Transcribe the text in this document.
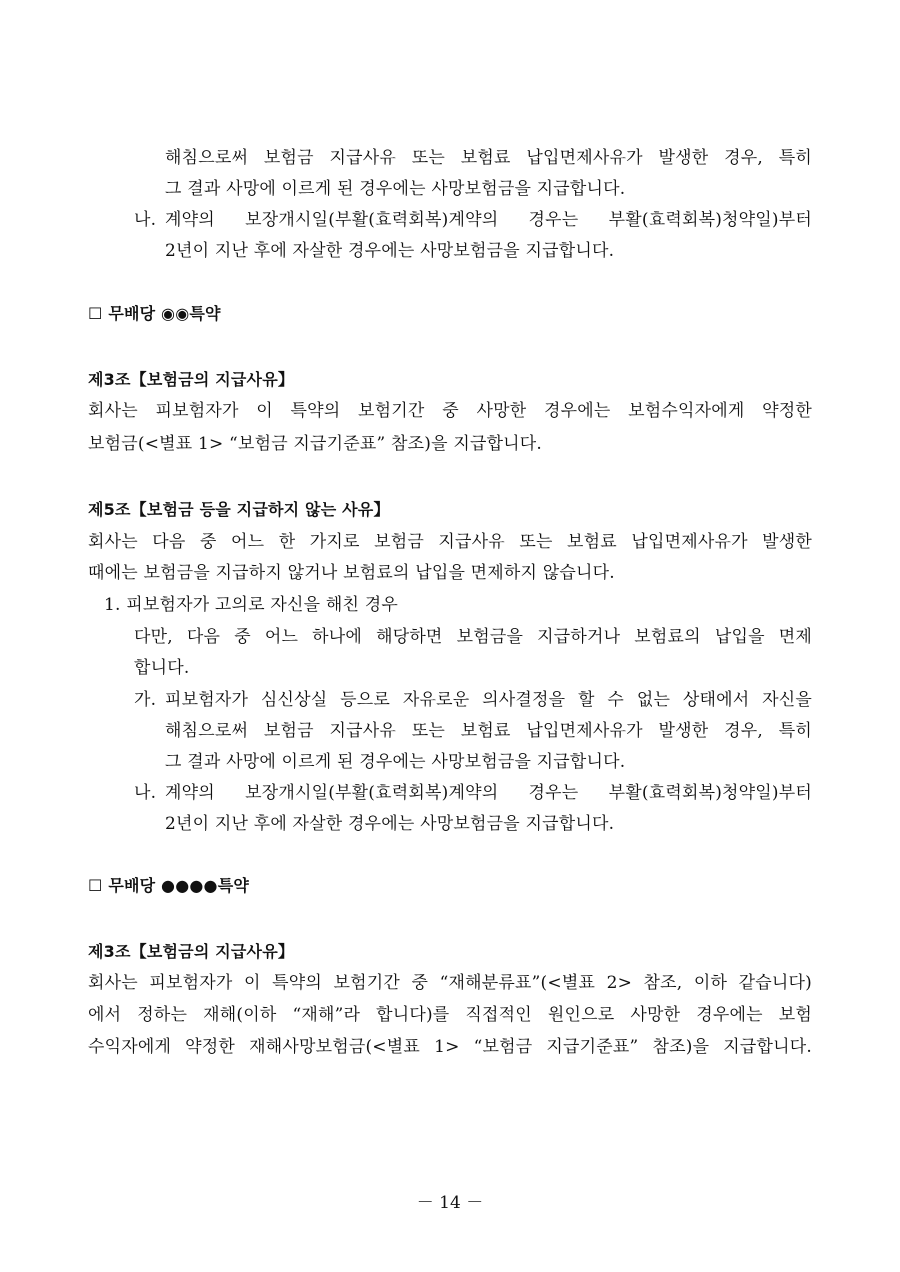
해침으로써 보험금 지급사유 또는 보험료 납입면제사유가 발생한 경우, 특히
그 결과 사망에 이르게 된 경우에는 사망보험금을 지급합니다.
나. 계약의 보장개시일(부활(효력회복)계약의 경우는 부활(효력회복)청약일)부터
2년이 지난 후에 자살한 경우에는 사망보험금을 지급합니다.
☐ 무배당 ◉◉특약
제3조【보험금의 지급사유】
회사는 피보험자가 이 특약의 보험기간 중 사망한 경우에는 보험수익자에게 약정한
보험금(<별표 1> “보험금 지급기준표” 참조)을 지급합니다.
제5조【보험금 등을 지급하지 않는 사유】
회사는 다음 중 어느 한 가지로 보험금 지급사유 또는 보험료 납입면제사유가 발생한
때에는 보험금을 지급하지 않거나 보험료의 납입을 면제하지 않습니다.
1. 피보험자가 고의로 자신을 해친 경우
다만, 다음 중 어느 하나에 해당하면 보험금을 지급하거나 보험료의 납입을 면제
합니다.
가. 피보험자가 심신상실 등으로 자유로운 의사결정을 할 수 없는 상태에서 자신을
해침으로써 보험금 지급사유 또는 보험료 납입면제사유가 발생한 경우, 특히
그 결과 사망에 이르게 된 경우에는 사망보험금을 지급합니다.
나. 계약의 보장개시일(부활(효력회복)계약의 경우는 부활(효력회복)청약일)부터
2년이 지난 후에 자살한 경우에는 사망보험금을 지급합니다.
☐ 무배당 ●●●●특약
제3조【보험금의 지급사유】
회사는 피보험자가 이 특약의 보험기간 중 “재해분류표”(<별표 2> 참조, 이하 같습니다)
에서 정하는 재해(이하 “재해”라 합니다)를 직접적인 원인으로 사망한 경우에는 보험
수익자에게 약정한 재해사망보험금(<별표 1> “보험금 지급기준표” 참조)을 지급합니다.
－ 14 －
